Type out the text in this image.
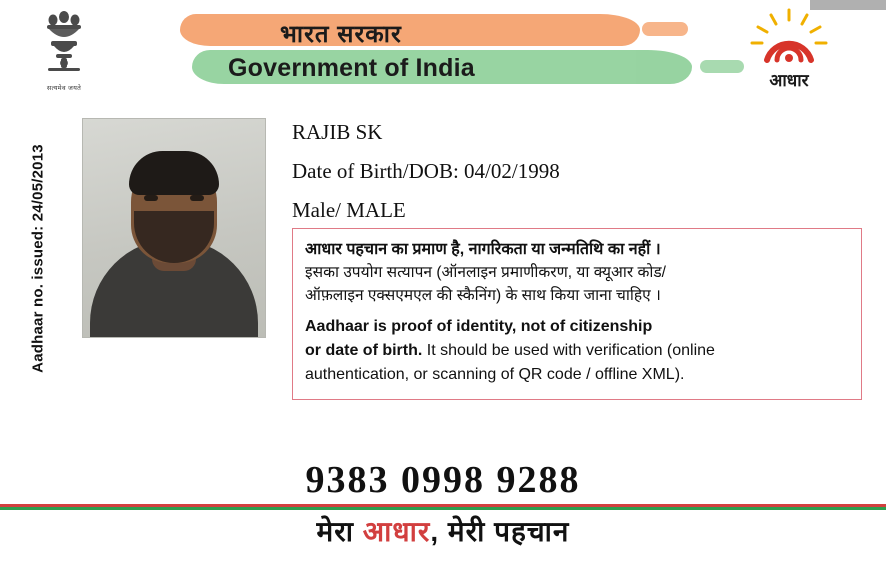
सत्यमेव जयते
भारत सरकार
Government of India	आधार
Aadhaar no. issued: 24/05/2013
RAJIB SK
Date of Birth/DOB: 04/02/1998
Male/ MALE
आधार पहचान का प्रमाण है, नागरिकता या जन्मतिथि का नहीं ।
इसका उपयोग सत्यापन (ऑनलाइन प्रमाणीकरण, या क्यूआर कोड/
ऑफ़लाइन एक्सएमएल की स्कैनिंग) के साथ किया जाना चाहिए ।
Aadhaar is proof of identity, not of citizenship
or date of birth. It should be used with verification (online
authentication, or scanning of QR code / offline XML).
9383 0998 9288
मेरा आधार, मेरी पहचान
